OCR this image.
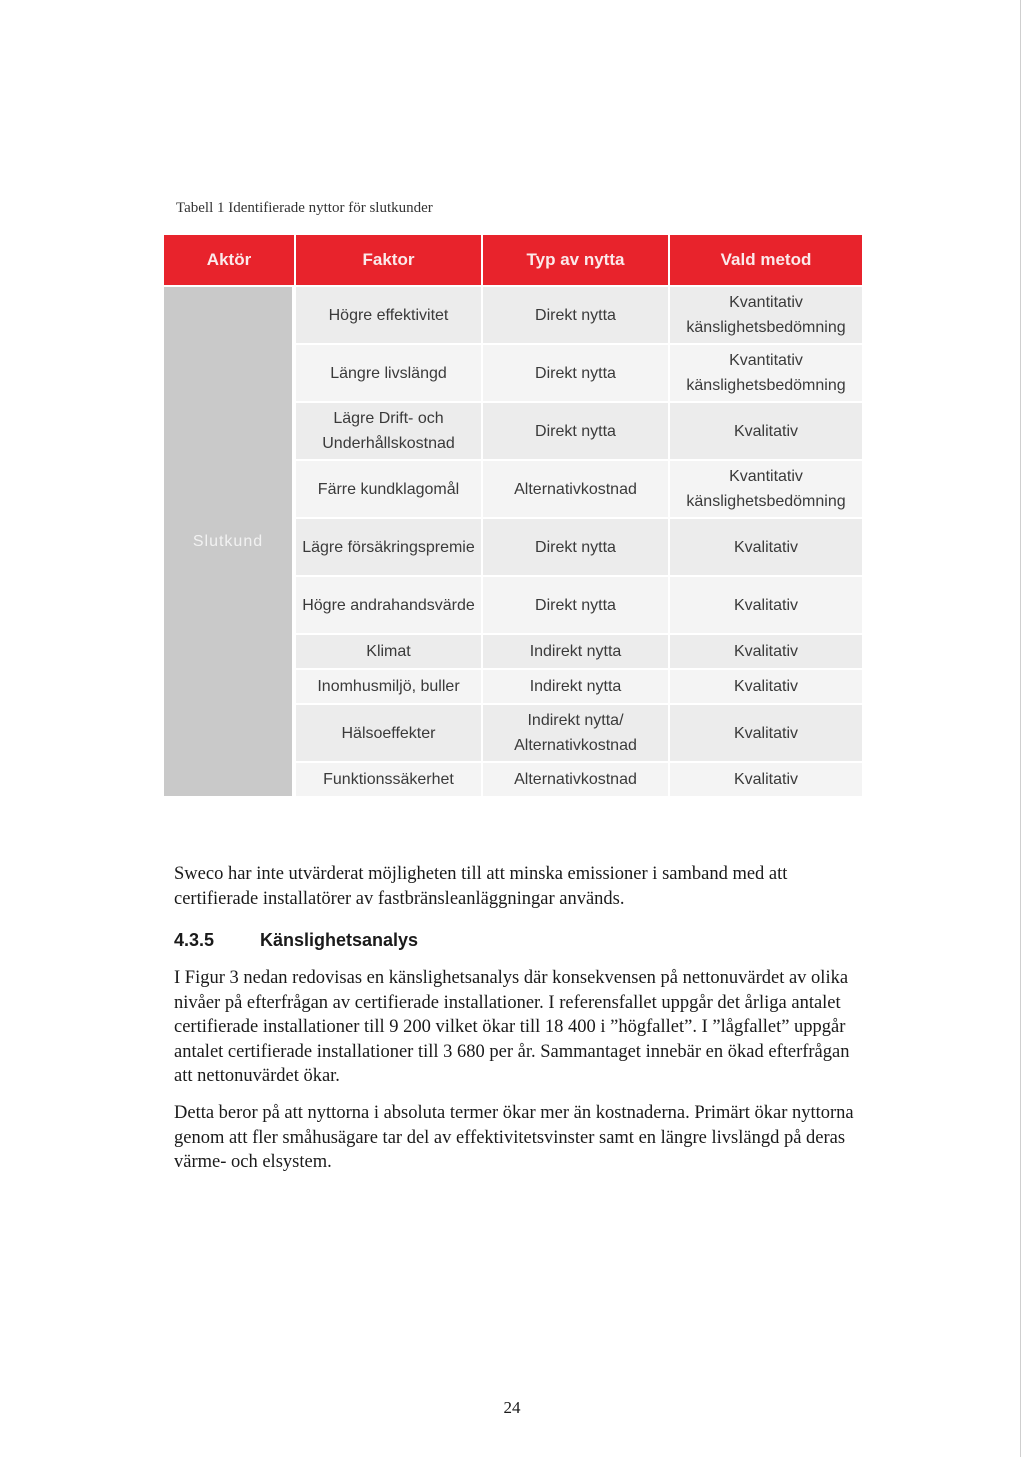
Tabell 1 Identifierade nyttor för slutkunder
Aktör	Faktor	Typ av nytta	Vald metod
Slutkund	Högre effektivitet	Direkt nytta	Kvantitativ känslighetsbedömning
	Längre livslängd	Direkt nytta	Kvantitativ känslighetsbedömning
	Lägre Drift- och Underhållskostnad	Direkt nytta	Kvalitativ
	Färre kundklagomål	Alternativkostnad	Kvantitativ känslighetsbedömning
	Lägre försäkringspremie	Direkt nytta	Kvalitativ
	Högre andrahandsvärde	Direkt nytta	Kvalitativ
	Klimat	Indirekt nytta	Kvalitativ
	Inomhusmiljö, buller	Indirekt nytta	Kvalitativ
	Hälsoeffekter	Indirekt nytta/ Alternativkostnad	Kvalitativ
	Funktionssäkerhet	Alternativkostnad	Kvalitativ
Sweco har inte utvärderat möjligheten till att minska emissioner i samband med att certifierade installatörer av fastbränsleanläggningar används.
4.3.5	Känslighetsanalys
I Figur 3 nedan redovisas en känslighetsanalys där konsekvensen på nettonuvärdet av olika nivåer på efterfrågan av certifierade installationer. I referensfallet uppgår det årliga antalet certifierade installationer till 9 200 vilket ökar till 18 400 i ”högfallet”. I ”lågfallet” uppgår antalet certifierade installationer till 3 680 per år. Sammantaget innebär en ökad efterfrågan att nettonuvärdet ökar.
Detta beror på att nyttorna i absoluta termer ökar mer än kostnaderna. Primärt ökar nyttorna genom att fler småhusägare tar del av effektivitetsvinster samt en längre livslängd på deras värme- och elsystem.
24
